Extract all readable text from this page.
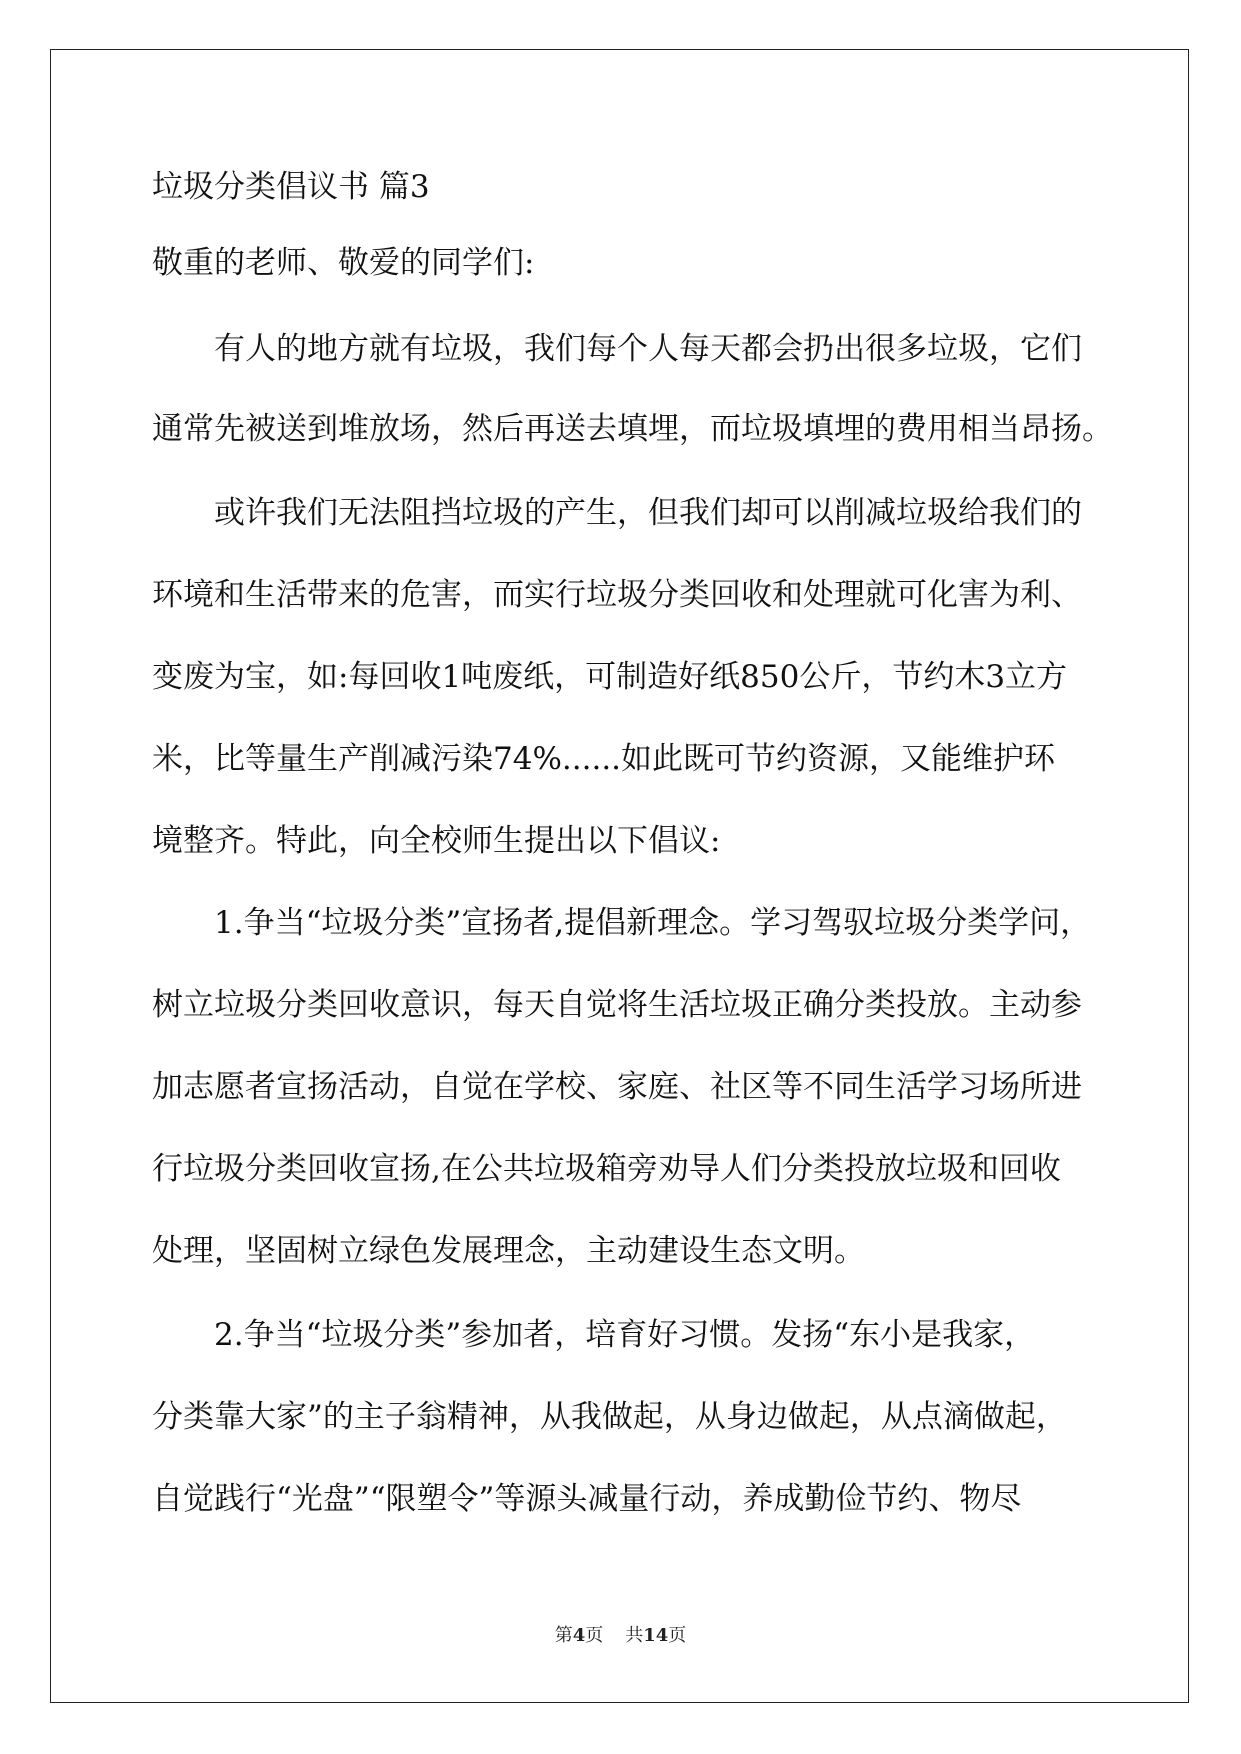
垃圾分类倡议书 篇3
敬重的老师、敬爱的同学们:
有人的地方就有垃圾，我们每个人每天都会扔出很多垃圾，它们
通常先被送到堆放场，然后再送去填埋，而垃圾填埋的费用相当昂扬。
或许我们无法阻挡垃圾的产生，但我们却可以削减垃圾给我们的
环境和生活带来的危害，而实行垃圾分类回收和处理就可化害为利、
变废为宝，如:每回收1吨废纸，可制造好纸850公斤，节约木3立方
米，比等量生产削减污染74%......如此既可节约资源，又能维护环
境整齐。特此，向全校师生提出以下倡议:
1.争当“垃圾分类”宣扬者,提倡新理念。学习驾驭垃圾分类学问，
树立垃圾分类回收意识，每天自觉将生活垃圾正确分类投放。主动参
加志愿者宣扬活动，自觉在学校、家庭、社区等不同生活学习场所进
行垃圾分类回收宣扬,在公共垃圾箱旁劝导人们分类投放垃圾和回收
处理，坚固树立绿色发展理念，主动建设生态文明。
2.争当“垃圾分类”参加者，培育好习惯。发扬“东小是我家，
分类靠大家”的主子翁精神，从我做起，从身边做起，从点滴做起，
自觉践行“光盘”“限塑令”等源头减量行动，养成勤俭节约、物尽
第4页 共14页
